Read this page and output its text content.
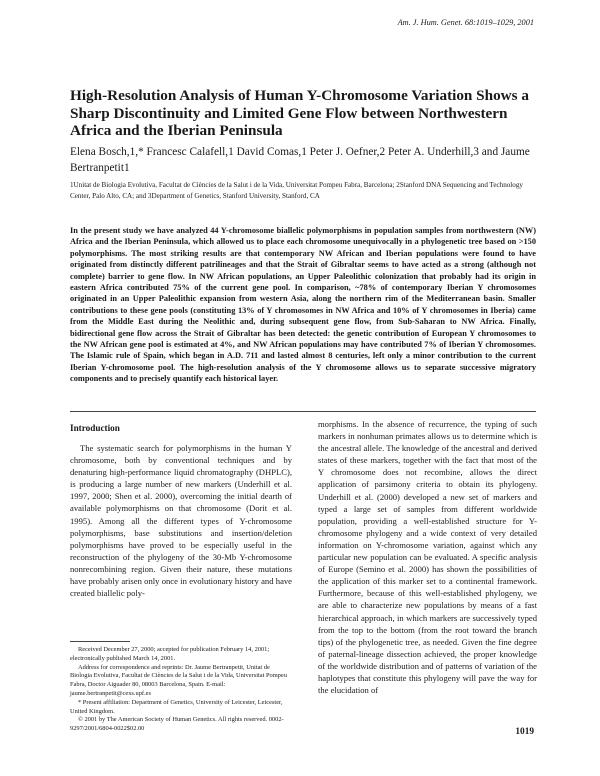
Am. J. Hum. Genet. 68:1019–1029, 2001
High-Resolution Analysis of Human Y-Chromosome Variation Shows a Sharp Discontinuity and Limited Gene Flow between Northwestern Africa and the Iberian Peninsula
Elena Bosch,1,* Francesc Calafell,1 David Comas,1 Peter J. Oefner,2 Peter A. Underhill,3 and Jaume Bertranpetit1
1Unitat de Biologia Evolutiva, Facultat de Ciències de la Salut i de la Vida, Universitat Pompeu Fabra, Barcelona; 2Stanford DNA Sequencing and Technology Center, Palo Alto, CA; and 3Department of Genetics, Stanford University, Stanford, CA
In the present study we have analyzed 44 Y-chromosome biallelic polymorphisms in population samples from northwestern (NW) Africa and the Iberian Peninsula, which allowed us to place each chromosome unequivocally in a phylogenetic tree based on >150 polymorphisms. The most striking results are that contemporary NW African and Iberian populations were found to have originated from distinctly different patrilineages and that the Strait of Gibraltar seems to have acted as a strong (although not complete) barrier to gene flow. In NW African populations, an Upper Paleolithic colonization that probably had its origin in eastern Africa contributed 75% of the current gene pool. In comparison, ~78% of contemporary Iberian Y chromosomes originated in an Upper Paleolithic expansion from western Asia, along the northern rim of the Mediterranean basin. Smaller contributions to these gene pools (constituting 13% of Y chromosomes in NW Africa and 10% of Y chromosomes in Iberia) came from the Middle East during the Neolithic and, during subsequent gene flow, from Sub-Saharan to NW Africa. Finally, bidirectional gene flow across the Strait of Gibraltar has been detected: the genetic contribution of European Y chromosomes to the NW African gene pool is estimated at 4%, and NW African populations may have contributed 7% of Iberian Y chromosomes. The Islamic rule of Spain, which began in A.D. 711 and lasted almost 8 centuries, left only a minor contribution to the current Iberian Y-chromosome pool. The high-resolution analysis of the Y chromosome allows us to separate successive migratory components and to precisely quantify each historical layer.
Introduction

The systematic search for polymorphisms in the human Y chromosome, both by conventional techniques and by denaturing high-performance liquid chromatography (DHPLC), is producing a large number of new markers (Underhill et al. 1997, 2000; Shen et al. 2000), overcoming the initial dearth of available polymorphisms on that chromosome (Dorit et al. 1995). Among all the different types of Y-chromosome polymorphisms, base substitutions and insertion/deletion polymorphisms have proved to be especially useful in the reconstruction of the phylogeny of the 30-Mb Y-chromosome nonrecombining region. Given their nature, these mutations have probably arisen only once in evolutionary history and have created biallelic poly-

morphisms. In the absence of recurrence, the typing of such markers in nonhuman primates allows us to determine which is the ancestral allele. The knowledge of the ancestral and derived states of these markers, together with the fact that most of the Y chromosome does not recombine, allows the direct application of parsimony criteria to obtain its phylogeny. Underhill et al. (2000) developed a new set of markers and typed a large set of samples from different worldwide population, providing a well-established structure for Y-chromosome phylogeny and a wide context of very detailed information on Y-chromosome variation, against which any particular new population can be evaluated. A specific analysis of Europe (Semino et al. 2000) has shown the possibilities of the application of this marker set to a continental framework. Furthermore, because of this well-established phylogeny, we are able to characterize new populations by means of a fast hierarchical approach, in which markers are successively typed from the top to the bottom (from the root toward the branch tips) of the phylogenetic tree, as needed. Given the fine degree of paternal-lineage dissection achieved, the proper knowledge of the worldwide distribution and of patterns of variation of the haplotypes that constitute this phylogeny will pave the way for the elucidation of

Received December 27, 2000; accepted for publication February 14, 2001; electronically published March 14, 2001.

Address for correspondence and reprints: Dr. Jaume Bertranpetit, Unitat de Biologia Evolutiva, Facultat de Ciències de la Salut i de la Vida, Universitat Pompeu Fabra, Doctor Aiguader 80, 08003 Barcelona, Spain. E-mail: jaume.bertranpetit@cexs.upf.es

* Present affiliation: Department of Genetics, University of Leicester, Leicester, United Kingdom.

© 2001 by The American Society of Human Genetics. All rights reserved. 0002-9297/2001/6804-0022$02.00	1019
